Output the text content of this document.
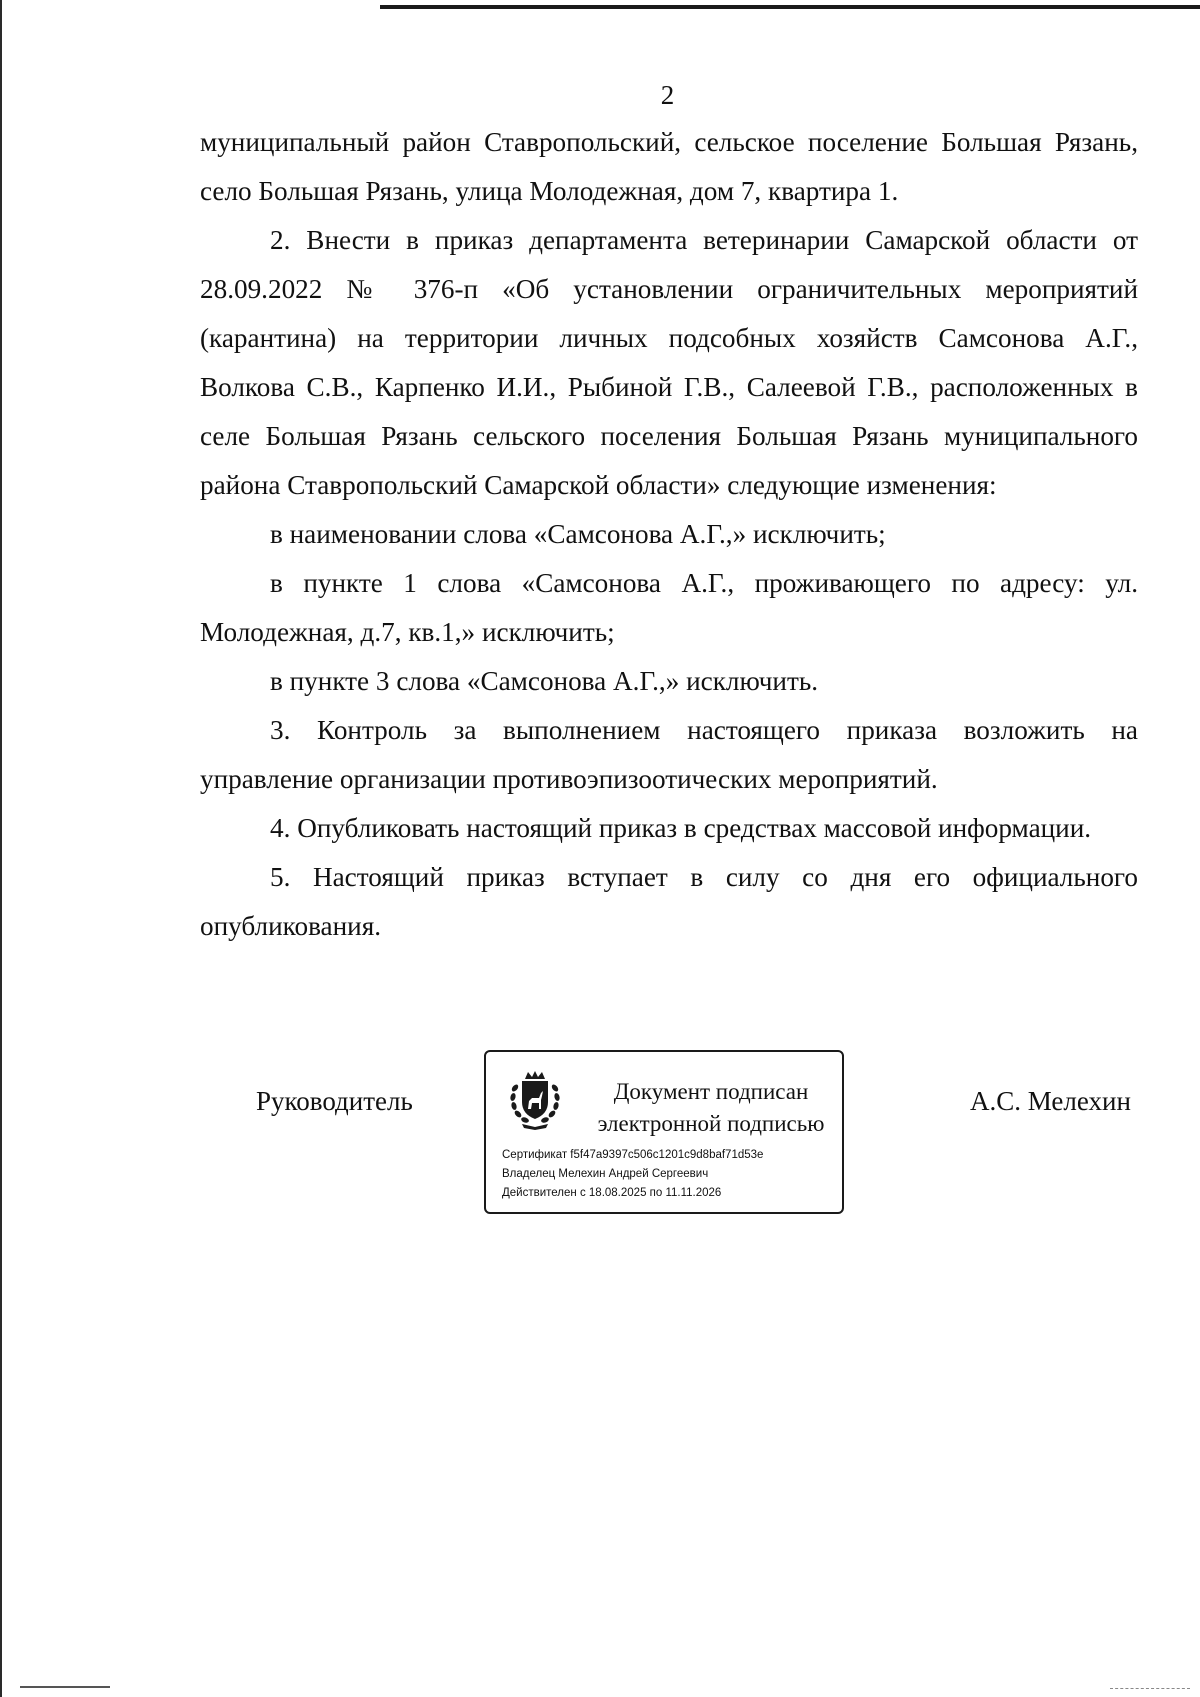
2

муниципальный район Ставропольский, сельское поселение Большая Рязань, село Большая Рязань, улица Молодежная, дом 7, квартира 1.

2. Внести в приказ департамента ветеринарии Самарской области от 28.09.2022 № 376-п «Об установлении ограничительных мероприятий (карантина) на территории личных подсобных хозяйств Самсонова А.Г., Волкова С.В., Карпенко И.И., Рыбиной Г.В., Салеевой Г.В., расположенных в селе Большая Рязань сельского поселения Большая Рязань муниципального района Ставропольский Самарской области» следующие изменения:

в наименовании слова «Самсонова А.Г.,» исключить;

в пункте 1 слова «Самсонова А.Г., проживающего по адресу: ул. Молодежная, д.7, кв.1,» исключить;

в пункте 3 слова «Самсонова А.Г.,» исключить.

3. Контроль за выполнением настоящего приказа возложить на управление организации противоэпизоотических мероприятий.

4. Опубликовать настоящий приказ в средствах массовой информации.

5. Настоящий приказ вступает в силу со дня его официального опубликования.

Руководитель	Документ подписан
электронной подписью
Сертификат f5f47a9397c506c1201c9d8baf71d53e
Владелец Мелехин Андрей Сергеевич
Действителен с 18.08.2025 по 11.11.2026
А.С. Мелехин
